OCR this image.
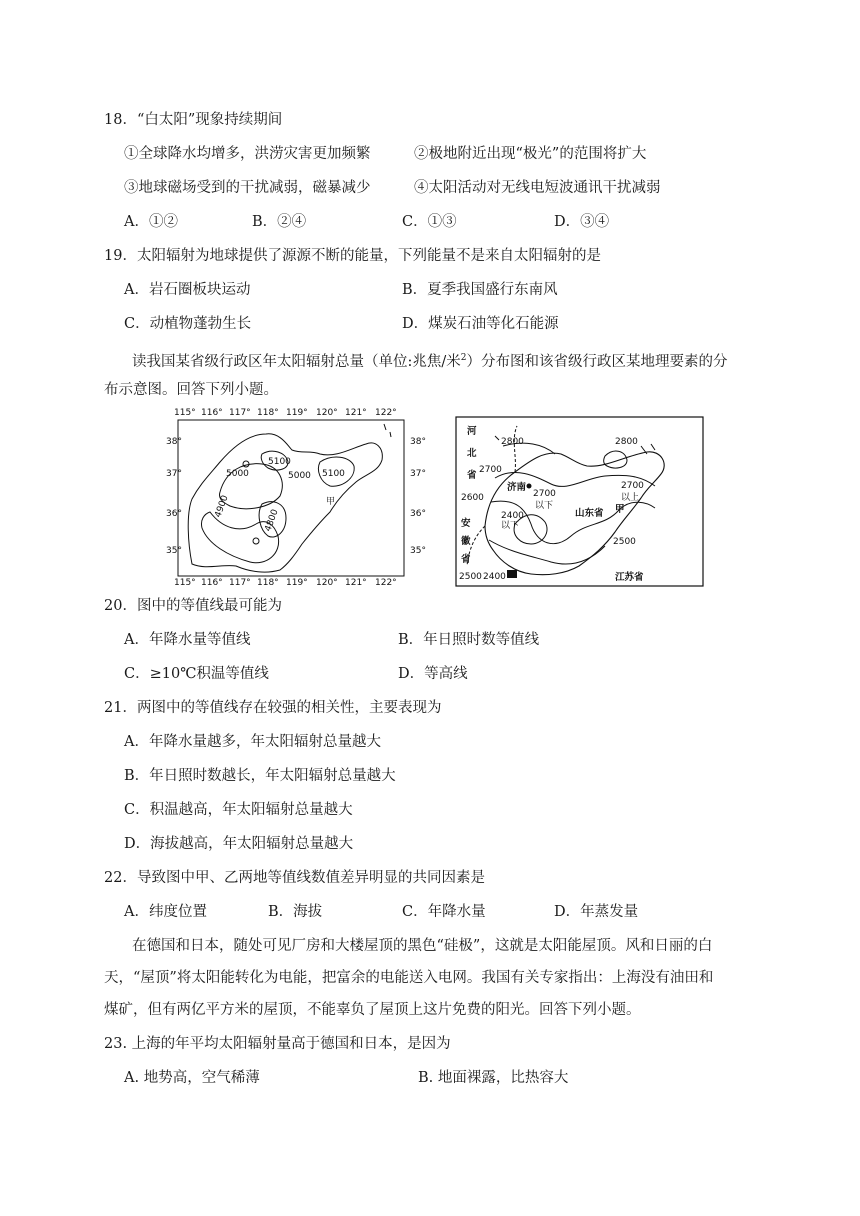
18．“白太阳”现象持续期间
①全球降水均增多，洪涝灾害更加频繁	②极地附近出现“极光”的范围将扩大
③地球磁场受到的干扰减弱，磁暴减少	④太阳活动对无线电短波通讯干扰减弱
A．①②	B．②④	C．①③	D．③④
19．太阳辐射为地球提供了源源不断的能量，下列能量不是来自太阳辐射的是
A．岩石圈板块运动	B．夏季我国盛行东南风
C．动植物蓬勃生长	D．煤炭石油等化石能源
读我国某省级行政区年太阳辐射总量（单位:兆焦/米$^2$）分布图和该省级行政区某地理要素的分
布示意图。回答下列小题。
115° 116° 117° 118° 119° 120° 121° 122°
115° 116° 117° 118° 119° 120° 121° 122°
38°
37°
36°
35°
38°
37°
36°
35°
5000
5100
5100
5000
4900
4800
甲
2800	2800
2700
2700
2600
2400
2700
2500
2500 2400
以下
以下
以上
河
北
省
济南
山东省 甲
安
徽
省
江苏省
20．图中的等值线最可能为
A．年降水量等值线	B．年日照时数等值线
C．≥10℃积温等值线	D．等高线
21．两图中的等值线存在较强的相关性，主要表现为
A．年降水量越多，年太阳辐射总量越大
B．年日照时数越长，年太阳辐射总量越大
C．积温越高，年太阳辐射总量越大
D．海拔越高，年太阳辐射总量越大
22．导致图中甲、乙两地等值线数值差异明显的共同因素是
A．纬度位置	B．海拔	C．年降水量	D．年蒸发量
在德国和日本，随处可见厂房和大楼屋顶的黑色“硅极”，这就是太阳能屋顶。风和日丽的白
天，“屋顶”将太阳能转化为电能，把富余的电能送入电网。我国有关专家指出：上海没有油田和
煤矿，但有两亿平方米的屋顶，不能辜负了屋顶上这片免费的阳光。回答下列小题。
23. 上海的年平均太阳辐射量高于德国和日本，是因为
A. 地势高，空气稀薄	B. 地面裸露，比热容大
